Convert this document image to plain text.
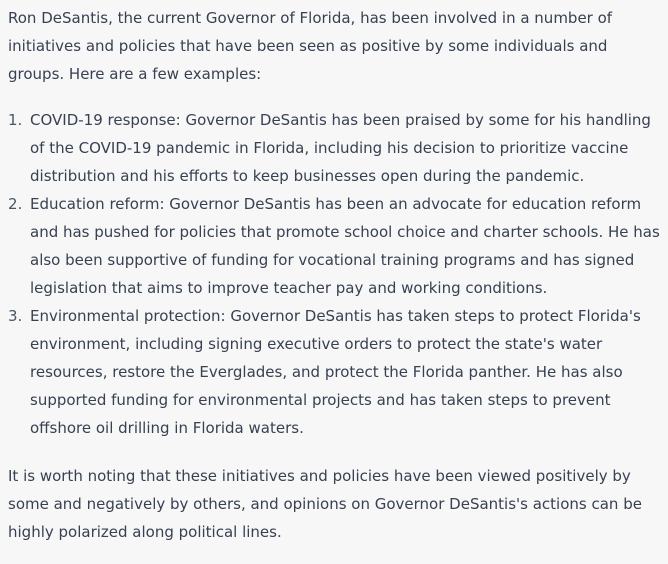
Ron DeSantis, the current Governor of Florida, has been involved in a number of initiatives and policies that have been seen as positive by some individuals and groups. Here are a few examples:

1. COVID-19 response: Governor DeSantis has been praised by some for his handling of the COVID-19 pandemic in Florida, including his decision to prioritize vaccine distribution and his efforts to keep businesses open during the pandemic.
2. Education reform: Governor DeSantis has been an advocate for education reform and has pushed for policies that promote school choice and charter schools. He has also been supportive of funding for vocational training programs and has signed legislation that aims to improve teacher pay and working conditions.
3. Environmental protection: Governor DeSantis has taken steps to protect Florida's environment, including signing executive orders to protect the state's water resources, restore the Everglades, and protect the Florida panther. He has also supported funding for environmental projects and has taken steps to prevent offshore oil drilling in Florida waters.

It is worth noting that these initiatives and policies have been viewed positively by some and negatively by others, and opinions on Governor DeSantis's actions can be highly polarized along political lines.
